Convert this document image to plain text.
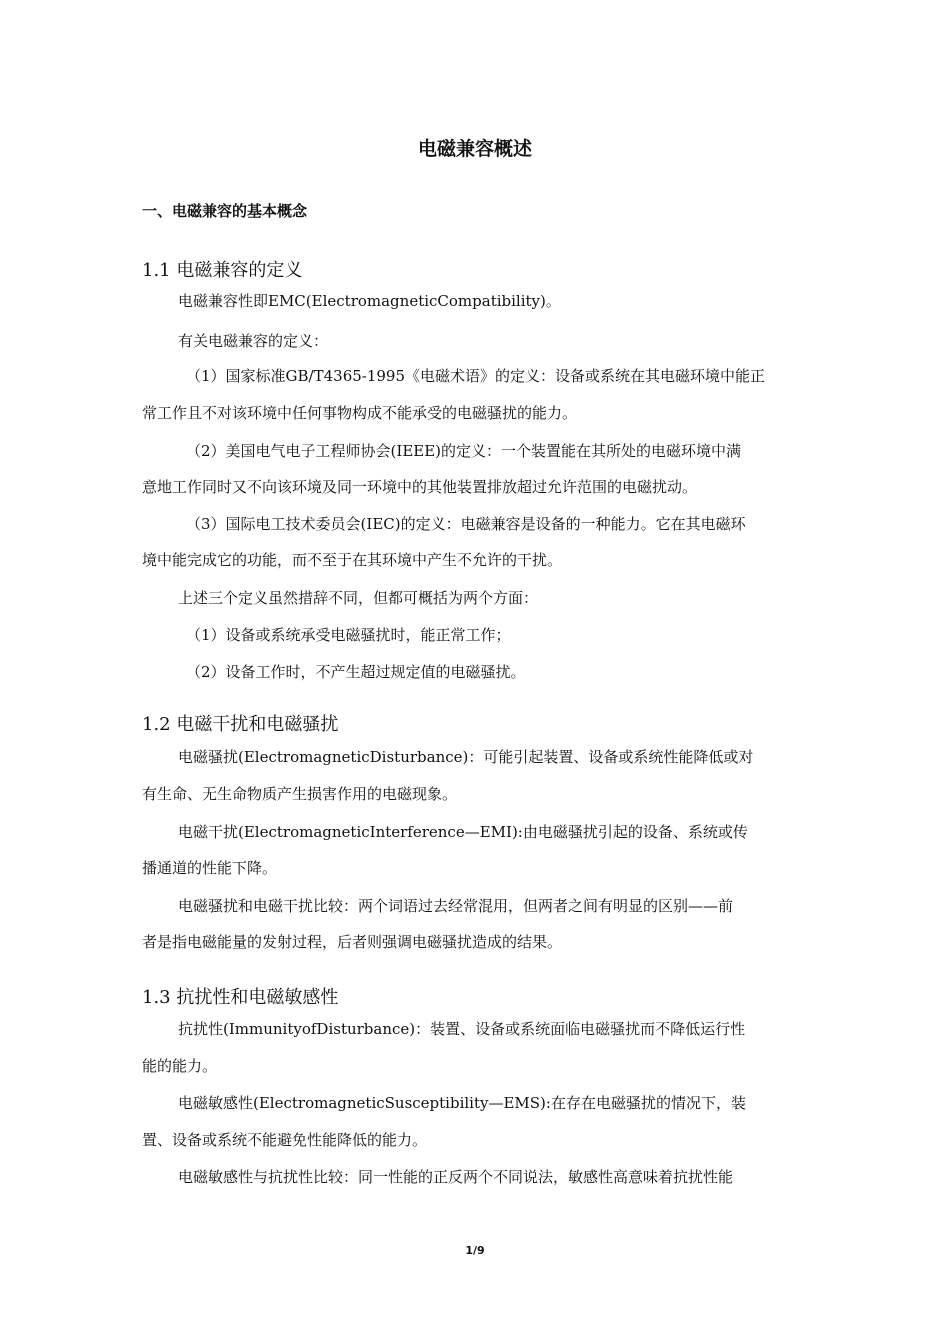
电磁兼容概述
一、电磁兼容的基本概念
1.1 电磁兼容的定义
电磁兼容性即EMC(ElectromagneticCompatibility)。
有关电磁兼容的定义：
（1）国家标准GB/T4365-1995《电磁术语》的定义：设备或系统在其电磁环境中能正
常工作且不对该环境中任何事物构成不能承受的电磁骚扰的能力。
（2）美国电气电子工程师协会(IEEE)的定义：一个装置能在其所处的电磁环境中满
意地工作同时又不向该环境及同一环境中的其他装置排放超过允许范围的电磁扰动。
（3）国际电工技术委员会(IEC)的定义：电磁兼容是设备的一种能力。它在其电磁环
境中能完成它的功能，而不至于在其环境中产生不允许的干扰。
上述三个定义虽然措辞不同，但都可概括为两个方面：
（1）设备或系统承受电磁骚扰时，能正常工作；
（2）设备工作时，不产生超过规定值的电磁骚扰。
1.2 电磁干扰和电磁骚扰
电磁骚扰(ElectromagneticDisturbance)：可能引起装置、设备或系统性能降低或对
有生命、无生命物质产生损害作用的电磁现象。
电磁干扰(ElectromagneticInterference—EMI):由电磁骚扰引起的设备、系统或传
播通道的性能下降。
电磁骚扰和电磁干扰比较：两个词语过去经常混用，但两者之间有明显的区别——前
者是指电磁能量的发射过程，后者则强调电磁骚扰造成的结果。
1.3 抗扰性和电磁敏感性
抗扰性(ImmunityofDisturbance)：装置、设备或系统面临电磁骚扰而不降低运行性
能的能力。
电磁敏感性(ElectromagneticSusceptibility—EMS):在存在电磁骚扰的情况下，装
置、设备或系统不能避免性能降低的能力。
电磁敏感性与抗扰性比较：同一性能的正反两个不同说法，敏感性高意味着抗扰性能
1/9
